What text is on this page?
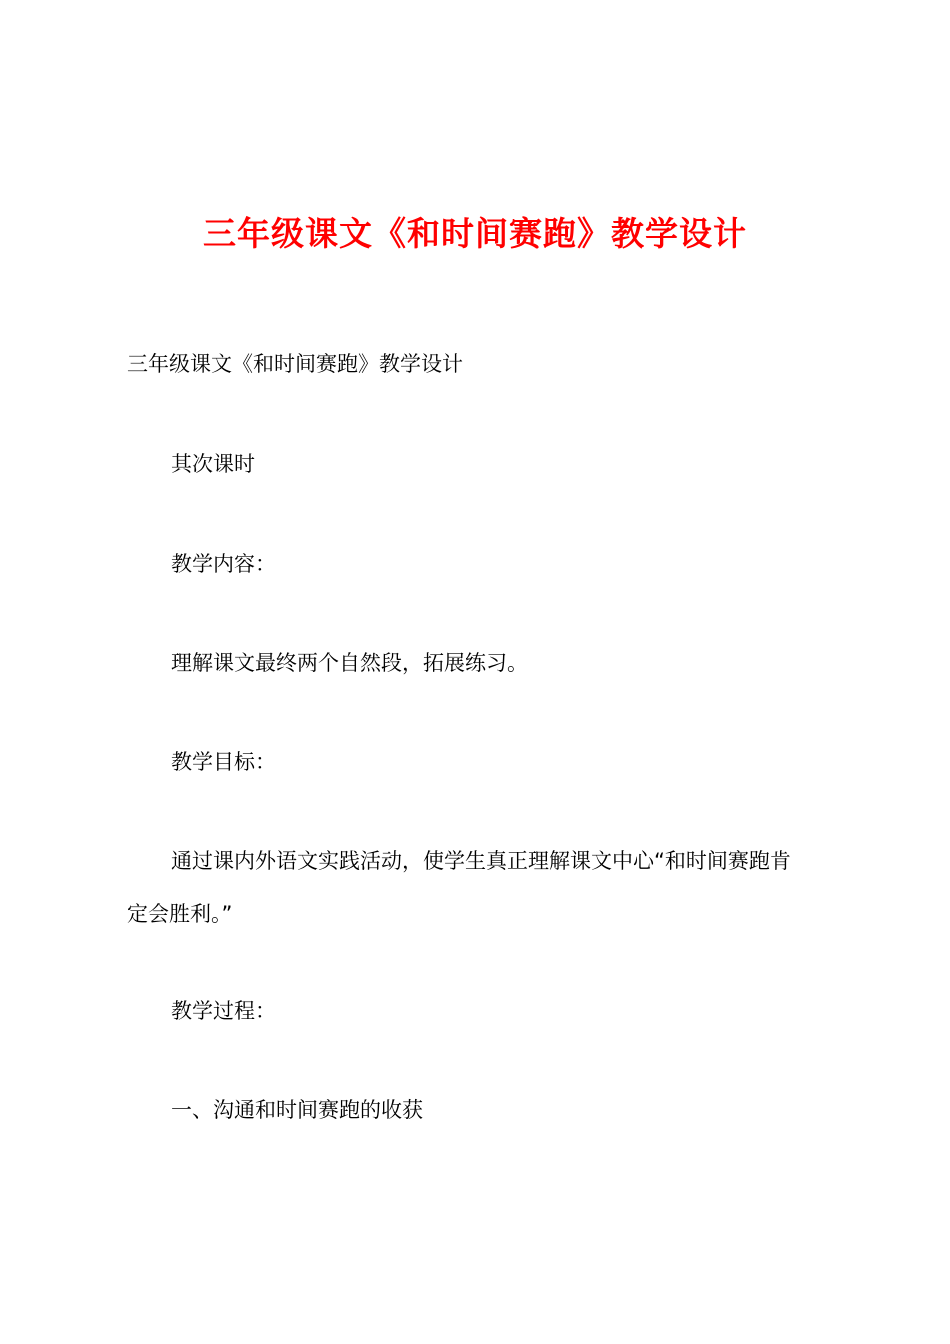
三年级课文《和时间赛跑》教学设计
三年级课文《和时间赛跑》教学设计
其次课时
教学内容：
理解课文最终两个自然段，拓展练习。
教学目标：
通过课内外语文实践活动，使学生真正理解课文中心“和时间赛跑肯
定会胜利。”
教学过程：
一、沟通和时间赛跑的收获
